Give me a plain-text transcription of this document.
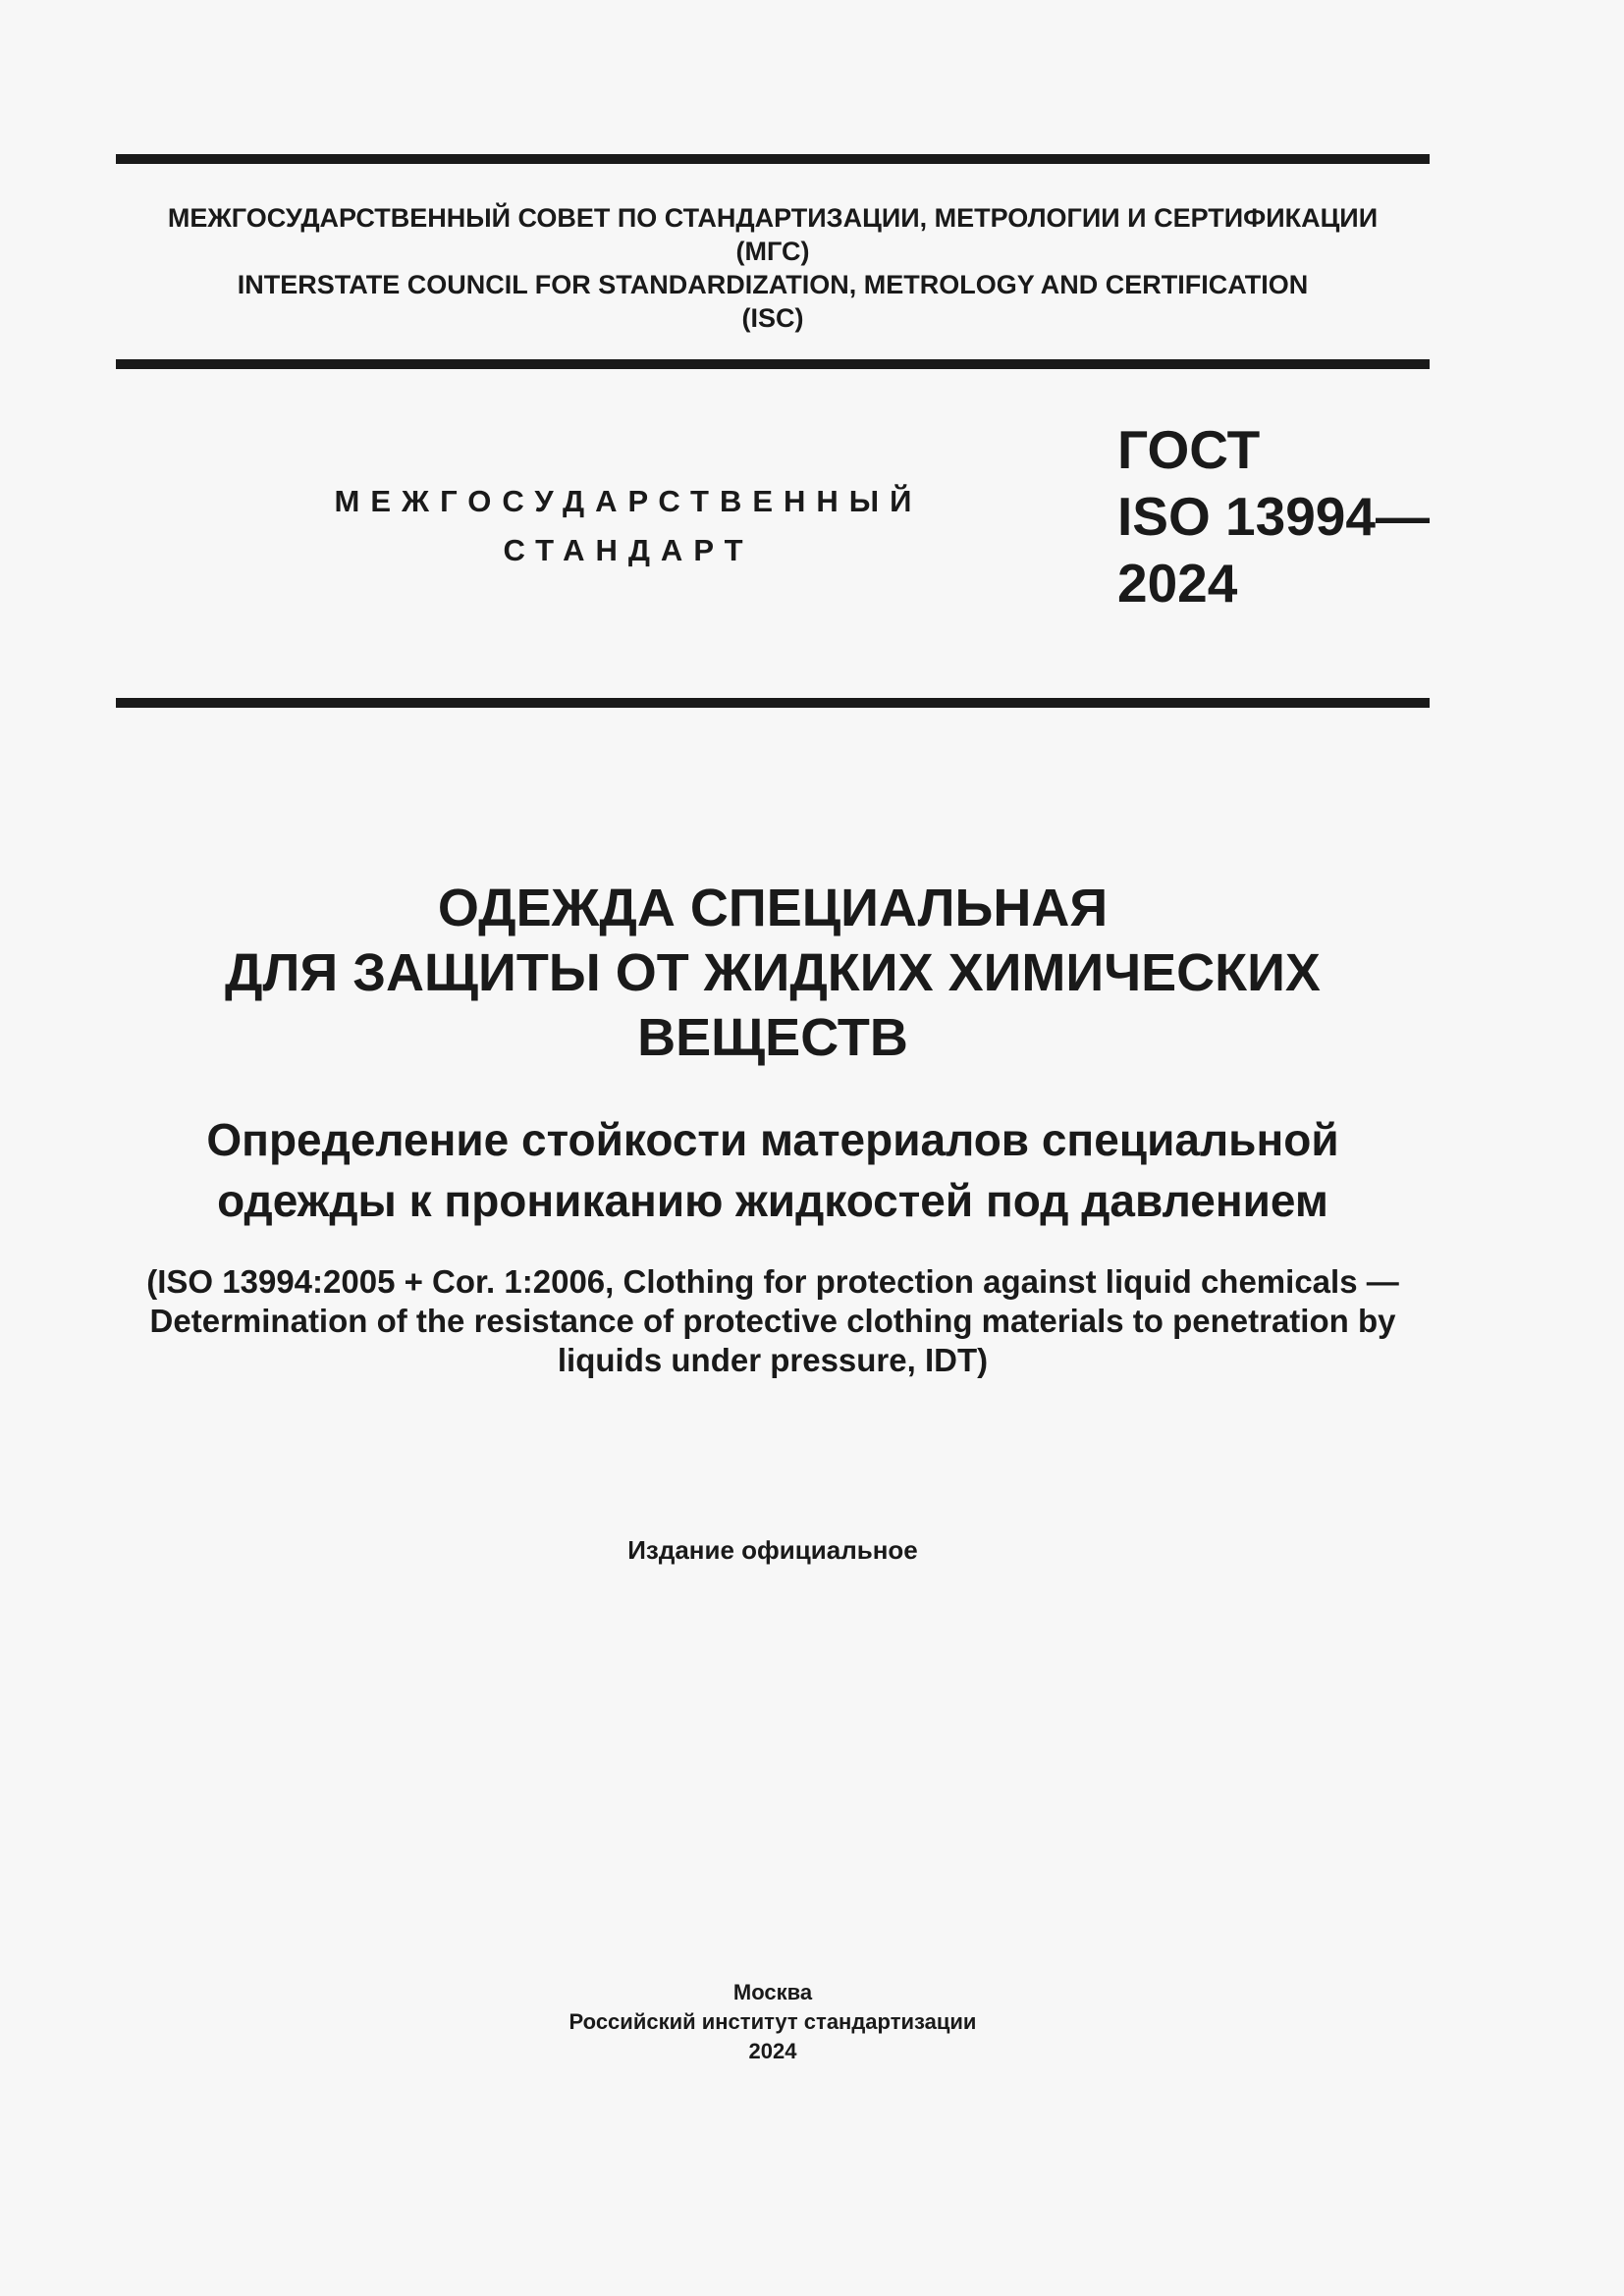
МЕЖГОСУДАРСТВЕННЫЙ СОВЕТ ПО СТАНДАРТИЗАЦИИ, МЕТРОЛОГИИ И СЕРТИФИКАЦИИ
(МГС)
INTERSTATE COUNCIL FOR STANDARDIZATION, METROLOGY AND CERTIFICATION
(ISC)
МЕЖГОСУДАРСТВЕННЫЙ
СТАНДАРТ
ГОСТ
ISO 13994—
2024
ОДЕЖДА СПЕЦИАЛЬНАЯ
ДЛЯ ЗАЩИТЫ ОТ ЖИДКИХ ХИМИЧЕСКИХ
ВЕЩЕСТВ
Определение стойкости материалов специальной
одежды к проникaнию жидкостей под давлением
(ISO 13994:2005 + Cor. 1:2006, Clothing for protection against liquid chemicals —
Determination of the resistance of protective clothing materials to penetration by
liquids under pressure, IDT)
Издание официальное
Москва
Российский институт стандартизации
2024
